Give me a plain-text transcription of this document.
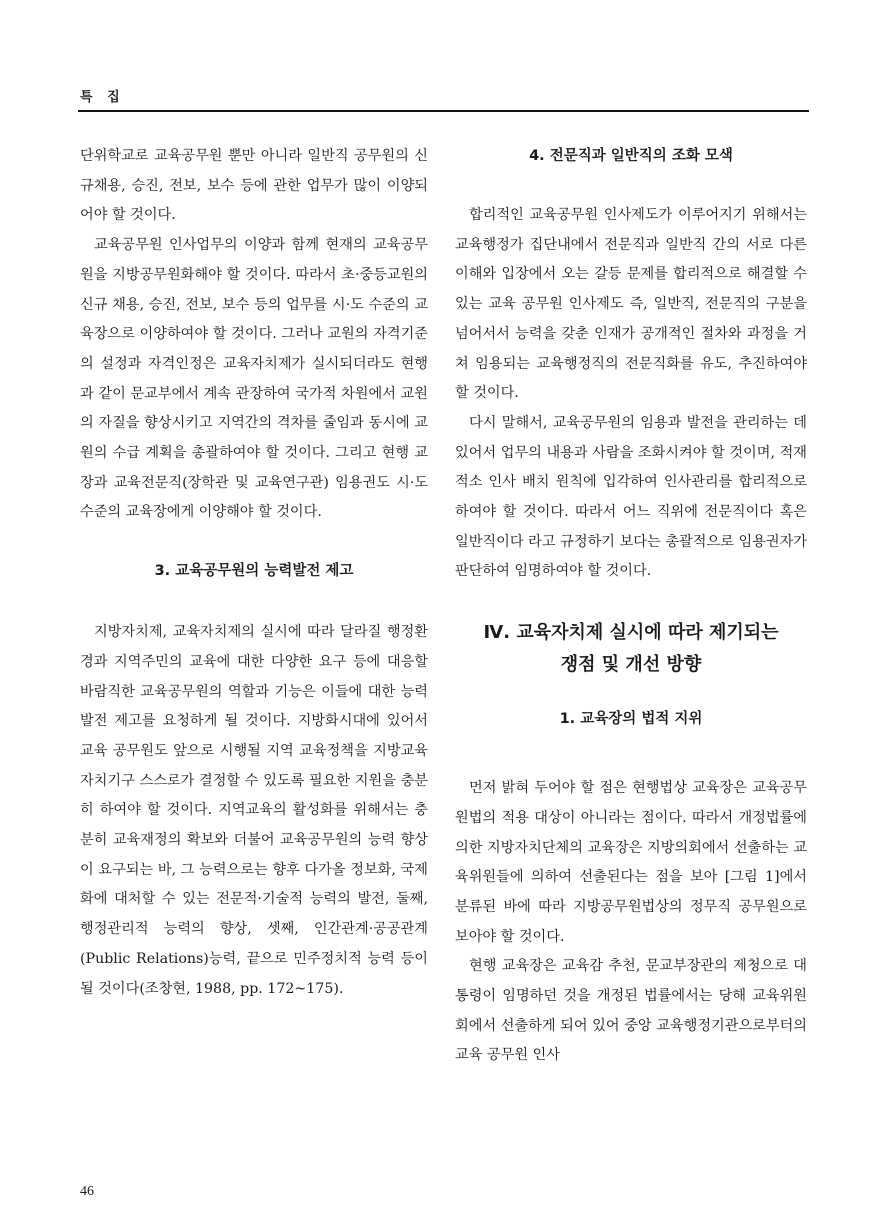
특 집

단위학교로 교육공무원 뿐만 아니라 일반직 공무원의 신규채용, 승진, 전보, 보수 등에 관한 업무가 많이 이양되어야 할 것이다.

교육공무원 인사업무의 이양과 함께 현재의 교육공무원을 지방공무원화해야 할 것이다. 따라서 초·중등교원의 신규 채용, 승진, 전보, 보수 등의 업무를 시·도 수준의 교육장으로 이양하여야 할 것이다. 그러나 교원의 자격기준의 설정과 자격인정은 교육자치제가 실시되더라도 현행과 같이 문교부에서 계속 관장하여 국가적 차원에서 교원의 자질을 향상시키고 지역간의 격차를 줄임과 동시에 교원의 수급 계획을 총괄하여야 할 것이다. 그리고 현행 교장과 교육전문직(장학관 및 교육연구관) 임용권도 시·도 수준의 교육장에게 이양해야 할 것이다.

3. 교육공무원의 능력발전 제고

지방자치제, 교육자치제의 실시에 따라 달라질 행정환경과 지역주민의 교육에 대한 다양한 요구 등에 대응할 바람직한 교육공무원의 역할과 기능은 이들에 대한 능력발전 제고를 요청하게 될 것이다. 지방화시대에 있어서 교육 공무원도 앞으로 시행될 지역 교육정책을 지방교육자치기구 스스로가 결정할 수 있도록 필요한 지원을 충분히 하여야 할 것이다. 지역교육의 활성화를 위해서는 충분히 교육재정의 확보와 더불어 교육공무원의 능력 향상이 요구되는 바, 그 능력으로는 향후 다가올 정보화, 국제화에 대처할 수 있는 전문적·기술적 능력의 발전, 둘째, 행정관리적 능력의 향상, 셋째, 인간관계·공공관계(Public Relations)능력, 끝으로 민주정치적 능력 등이 될 것이다(조창현, 1988, pp. 172~175).

4. 전문직과 일반직의 조화 모색

합리적인 교육공무원 인사제도가 이루어지기 위해서는 교육행정가 집단내에서 전문직과 일반직 간의 서로 다른 이해와 입장에서 오는 갈등 문제를 합리적으로 해결할 수 있는 교육 공무원 인사제도 즉, 일반직, 전문직의 구분을 넘어서서 능력을 갖춘 인재가 공개적인 절차와 과정을 거쳐 임용되는 교육행정직의 전문직화를 유도, 추진하여야 할 것이다.

다시 말해서, 교육공무원의 임용과 발전을 관리하는 데 있어서 업무의 내용과 사람을 조화시켜야 할 것이며, 적재적소 인사 배치 원칙에 입각하여 인사관리를 합리적으로 하여야 할 것이다. 따라서 어느 직위에 전문직이다 혹은 일반직이다 라고 규정하기 보다는 총괄적으로 임용권자가 판단하여 임명하여야 할 것이다.

Ⅳ. 교육자치제 실시에 따라 제기되는

쟁점 및 개선 방향

1. 교육장의 법적 지위

먼저 밝혀 두어야 할 점은 현행법상 교육장은 교육공무원법의 적용 대상이 아니라는 점이다. 따라서 개정법률에 의한 지방자치단체의 교육장은 지방의회에서 선출하는 교육위원들에 의하여 선출된다는 점을 보아 [그림 1]에서 분류된 바에 따라 지방공무원법상의 정무직 공무원으로 보아야 할 것이다.

현행 교육장은 교육감 추천, 문교부장관의 제청으로 대통령이 임명하던 것을 개정된 법률에서는 당해 교육위원회에서 선출하게 되어 있어 중앙 교육행정기관으로부터의 교육 공무원 인사

46
